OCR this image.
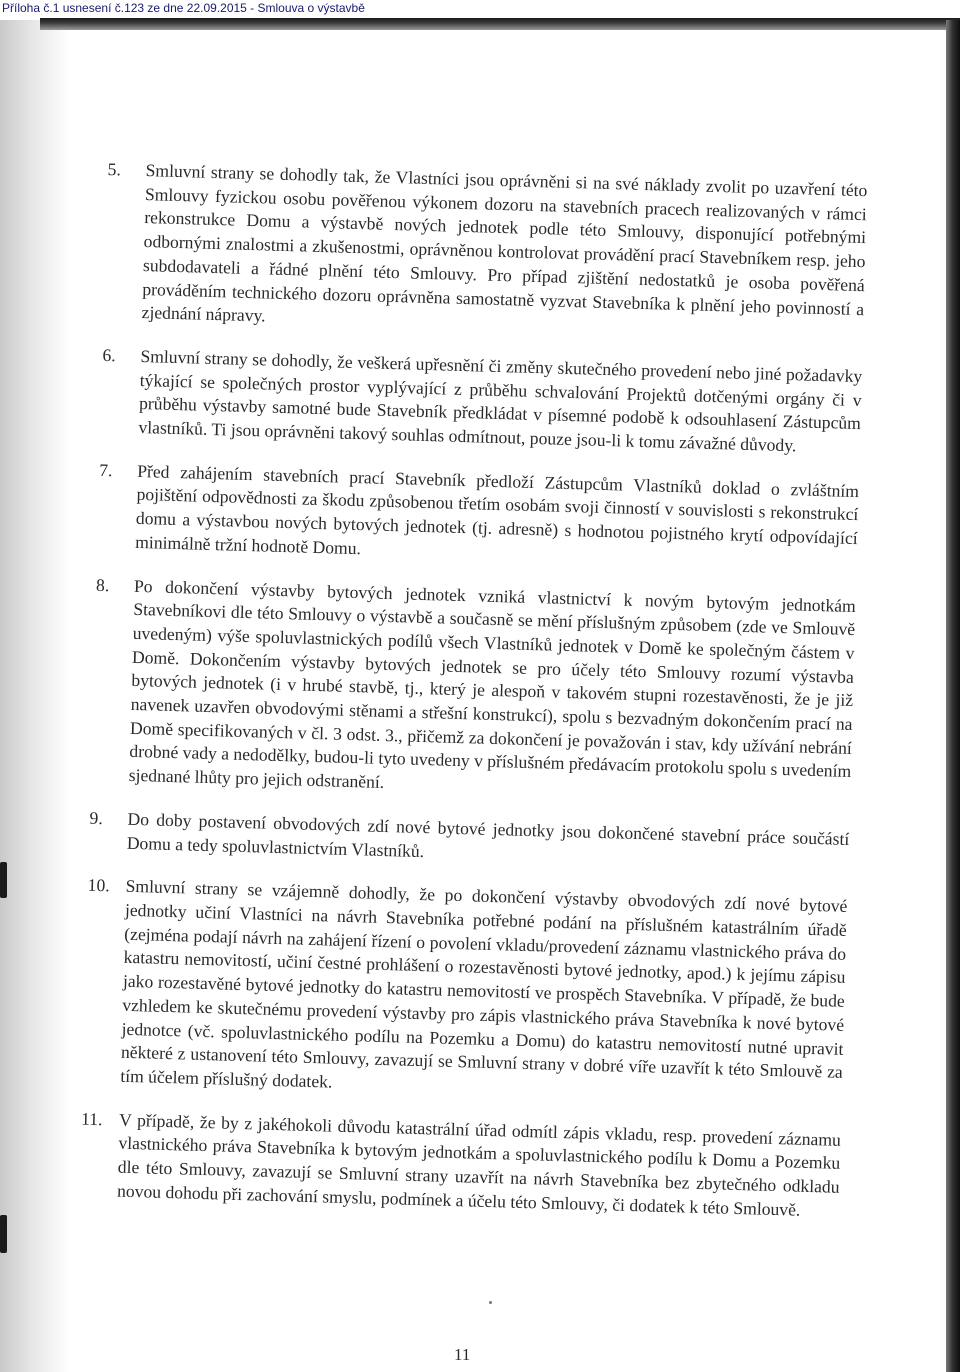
Příloha č.1 usnesení č.123 ze dne 22.09.2015 - Smlouva o výstavbě
5. Smluvní strany se dohodly tak, že Vlastníci jsou oprávněni si na své náklady zvolit po uzavření této Smlouvy fyzickou osobu pověřenou výkonem dozoru na stavebních pracech realizovaných v rámci rekonstrukce Domu a výstavbě nových jednotek podle této Smlouvy, disponující potřebnými odbornými znalostmi a zkušenostmi, oprávněnou kontrolovat provádění prací Stavebníkem resp. jeho subdodavateli a řádné plnění této Smlouvy. Pro případ zjištění nedostatků je osoba pověřená prováděním technického dozoru oprávněna samostatně vyzvat Stavebníka k plnění jeho povinností a zjednání nápravy.
6. Smluvní strany se dohodly, že veškerá upřesnění či změny skutečného provedení nebo jiné požadavky týkající se společných prostor vyplývající z průběhu schvalování Projektů dotčenými orgány či v průběhu výstavby samotné bude Stavebník předkládat v písemné podobě k odsouhlasení Zástupcům vlastníků. Ti jsou oprávněni takový souhlas odmítnout, pouze jsou-li k tomu závažné důvody.
7. Před zahájením stavebních prací Stavebník předloží Zástupcům Vlastníků doklad o zvláštním pojištění odpovědnosti za škodu způsobenou třetím osobám svoji činností v souvislosti s rekonstrukcí domu a výstavbou nových bytových jednotek (tj. adresně) s hodnotou pojistného krytí odpovídající minimálně tržní hodnotě Domu.
8.	Po dokončení výstavby bytových jednotek vzniká vlastnictví k novým bytovým jednotkám Stavebníkovi dle této Smlouvy o výstavbě a současně se mění příslušným způsobem (zde ve Smlouvě uvedeným) výše spoluvlastnických podílů všech Vlastníků jednotek v Domě ke společným částem v Domě. Dokončením výstavby bytových jednotek se pro účely této Smlouvy rozumí výstavba bytových jednotek (i v hrubé stavbě, tj., který je alespoň v takovém stupni rozestavěnosti, že je již navenek uzavřen obvodovými stěnami a střešní konstrukcí), spolu s bezvadným dokončením prací na Domě specifikovaných v čl. 3 odst. 3., přičemž za dokončení je považován i stav, kdy užívání nebrání drobné vady a nedodělky, budou-li tyto uvedeny v příslušném předávacím protokolu spolu s uvedením sjednané lhůty pro jejich odstranění.
9. Do doby postavení obvodových zdí nové bytové jednotky jsou dokončené stavební práce součástí Domu a tedy spoluvlastnictvím Vlastníků.
10. Smluvní strany se vzájemně dohodly, že po dokončení výstavby obvodových zdí nové bytové jednotky učiní Vlastníci na návrh Stavebníka potřebné podání na příslušném katastrálním úřadě (zejména podají návrh na zahájení řízení o povolení vkladu/provedení záznamu vlastnického práva do katastru nemovitostí, učiní čestné prohlášení o rozestavěnosti bytové jednotky, apod.) k jejímu zápisu jako rozestavěné bytové jednotky do katastru nemovitostí ve prospěch Stavebníka. V případě, že bude vzhledem ke skutečnému provedení výstavby pro zápis vlastnického práva Stavebníka k nové bytové jednotce (vč. spoluvlastnického podílu na Pozemku a Domu) do katastru nemovitostí nutné upravit některé z ustanovení této Smlouvy, zavazují se Smluvní strany v dobré víře uzavřít k této Smlouvě za tím účelem příslušný dodatek.
11. V případě, že by z jakéhokoli důvodu katastrální úřad odmítl zápis vkladu, resp. provedení záznamu vlastnického práva Stavebníka k bytovým jednotkám a spoluvlastnického podílu k Domu a Pozemku dle této Smlouvy, zavazují se Smluvní strany uzavřít na návrh Stavebníka bez zbytečného odkladu novou dohodu při zachování smyslu, podmínek a účelu této Smlouvy, či dodatek k této Smlouvě.
11
